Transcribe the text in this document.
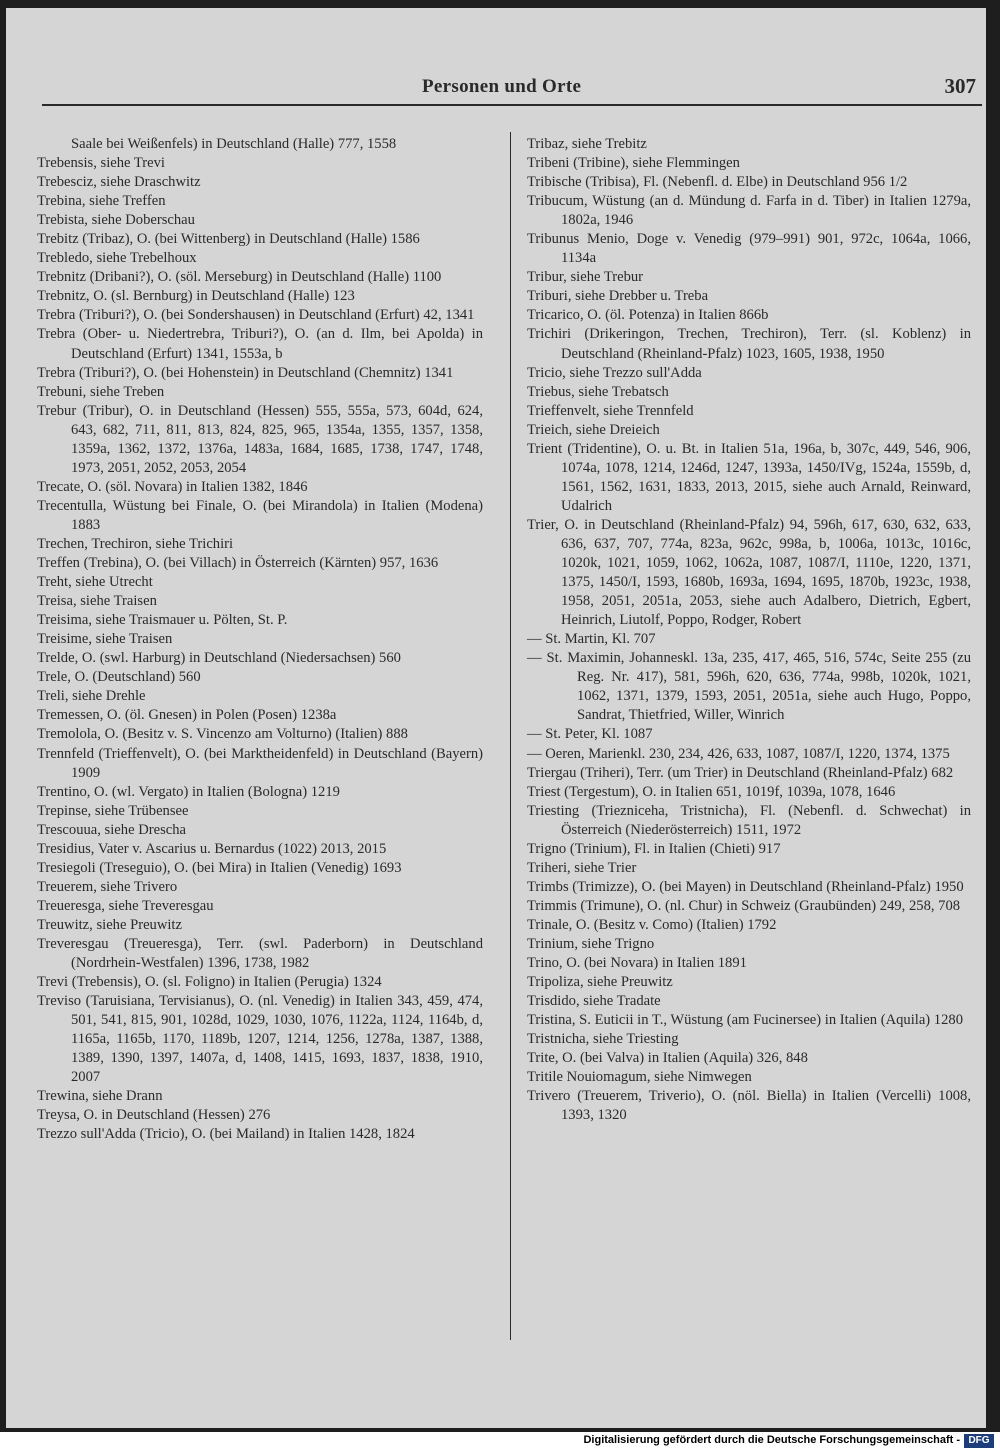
Personen und Orte	307

Saale bei Weißenfels) in Deutschland (Halle) 777, 1558

Trebensis, siehe Trevi

Trebesciz, siehe Draschwitz

Trebina, siehe Treffen

Trebista, siehe Doberschau

Trebitz (Tribaz), O. (bei Wittenberg) in Deutschland (Halle) 1586

Trebledo, siehe Trebelhoux

Trebnitz (Dribani?), O. (söl. Merseburg) in Deutschland (Halle) 1100

Trebnitz, O. (sl. Bernburg) in Deutschland (Halle) 123

Trebra (Triburi?), O. (bei Sondershausen) in Deutschland (Erfurt) 42, 1341

Trebra (Ober- u. Niedertrebra, Triburi?), O. (an d. Ilm, bei Apolda) in Deutschland (Erfurt) 1341, 1553a, b

Trebra (Triburi?), O. (bei Hohenstein) in Deutschland (Chemnitz) 1341

Trebuni, siehe Treben

Trebur (Tribur), O. in Deutschland (Hessen) 555, 555a, 573, 604d, 624, 643, 682, 711, 811, 813, 824, 825, 965, 1354a, 1355, 1357, 1358, 1359a, 1362, 1372, 1376a, 1483a, 1684, 1685, 1738, 1747, 1748, 1973, 2051, 2052, 2053, 2054

Trecate, O. (söl. Novara) in Italien 1382, 1846

Trecentulla, Wüstung bei Finale, O. (bei Mirandola) in Italien (Modena) 1883

Trechen, Trechiron, siehe Trichiri

Treffen (Trebina), O. (bei Villach) in Österreich (Kärnten) 957, 1636

Treht, siehe Utrecht

Treisa, siehe Traisen

Treisima, siehe Traismauer u. Pölten, St. P.

Treisime, siehe Traisen

Trelde, O. (swl. Harburg) in Deutschland (Niedersachsen) 560

Trele, O. (Deutschland) 560

Treli, siehe Drehle

Tremessen, O. (öl. Gnesen) in Polen (Posen) 1238a

Tremolola, O. (Besitz v. S. Vincenzo am Volturno) (Italien) 888

Trennfeld (Trieffenvelt), O. (bei Marktheidenfeld) in Deutschland (Bayern) 1909

Trentino, O. (wl. Vergato) in Italien (Bologna) 1219

Trepinse, siehe Trübensee

Trescouua, siehe Drescha

Tresidius, Vater v. Ascarius u. Bernardus (1022) 2013, 2015

Tresiegoli (Treseguio), O. (bei Mira) in Italien (Venedig) 1693

Treuerem, siehe Trivero

Treueresga, siehe Treveresgau

Treuwitz, siehe Preuwitz

Treveresgau (Treueresga), Terr. (swl. Paderborn) in Deutschland (Nordrhein-Westfalen) 1396, 1738, 1982

Trevi (Trebensis), O. (sl. Foligno) in Italien (Perugia) 1324

Treviso (Taruisiana, Tervisianus), O. (nl. Venedig) in Italien 343, 459, 474, 501, 541, 815, 901, 1028d, 1029, 1030, 1076, 1122a, 1124, 1164b, d, 1165a, 1165b, 1170, 1189b, 1207, 1214, 1256, 1278a, 1387, 1388, 1389, 1390, 1397, 1407a, d, 1408, 1415, 1693, 1837, 1838, 1910, 2007

Trewina, siehe Drann

Treysa, O. in Deutschland (Hessen) 276

Trezzo sull'Adda (Tricio), O. (bei Mailand) in Italien 1428, 1824

Tribaz, siehe Trebitz

Tribeni (Tribine), siehe Flemmingen

Tribische (Tribisa), Fl. (Nebenfl. d. Elbe) in Deutschland 956 1/2

Tribucum, Wüstung (an d. Mündung d. Farfa in d. Tiber) in Italien 1279a, 1802a, 1946

Tribunus Menio, Doge v. Venedig (979–991) 901, 972c, 1064a, 1066, 1134a

Tribur, siehe Trebur

Triburi, siehe Drebber u. Treba

Tricarico, O. (öl. Potenza) in Italien 866b

Trichiri (Drikeringon, Trechen, Trechiron), Terr. (sl. Koblenz) in Deutschland (Rheinland-Pfalz) 1023, 1605, 1938, 1950

Tricio, siehe Trezzo sull'Adda

Triebus, siehe Trebatsch

Trieffenvelt, siehe Trennfeld

Trieich, siehe Dreieich

Trient (Tridentine), O. u. Bt. in Italien 51a, 196a, b, 307c, 449, 546, 906, 1074a, 1078, 1214, 1246d, 1247, 1393a, 1450/IVg, 1524a, 1559b, d, 1561, 1562, 1631, 1833, 2013, 2015, siehe auch Arnald, Reinward, Udalrich

Trier, O. in Deutschland (Rheinland-Pfalz) 94, 596h, 617, 630, 632, 633, 636, 637, 707, 774a, 823a, 962c, 998a, b, 1006a, 1013c, 1016c, 1020k, 1021, 1059, 1062, 1062a, 1087, 1087/I, 1110e, 1220, 1371, 1375, 1450/I, 1593, 1680b, 1693a, 1694, 1695, 1870b, 1923c, 1938, 1958, 2051, 2051a, 2053, siehe auch Adalbero, Dietrich, Egbert, Heinrich, Liutolf, Poppo, Rodger, Robert

— St. Martin, Kl. 707

— St. Maximin, Johanneskl. 13a, 235, 417, 465, 516, 574c, Seite 255 (zu Reg. Nr. 417), 581, 596h, 620, 636, 774a, 998b, 1020k, 1021, 1062, 1371, 1379, 1593, 2051, 2051a, siehe auch Hugo, Poppo, Sandrat, Thietfried, Willer, Winrich

— St. Peter, Kl. 1087

— Oeren, Marienkl. 230, 234, 426, 633, 1087, 1087/I, 1220, 1374, 1375

Triergau (Triheri), Terr. (um Trier) in Deutschland (Rheinland-Pfalz) 682

Triest (Tergestum), O. in Italien 651, 1019f, 1039a, 1078, 1646

Triesting (Triezniceha, Tristnicha), Fl. (Nebenfl. d. Schwechat) in Österreich (Niederösterreich) 1511, 1972

Trigno (Trinium), Fl. in Italien (Chieti) 917

Triheri, siehe Trier

Trimbs (Trimizze), O. (bei Mayen) in Deutschland (Rheinland-Pfalz) 1950

Trimmis (Trimune), O. (nl. Chur) in Schweiz (Graubünden) 249, 258, 708

Trinale, O. (Besitz v. Como) (Italien) 1792

Trinium, siehe Trigno

Trino, O. (bei Novara) in Italien 1891

Tripoliza, siehe Preuwitz

Trisdido, siehe Tradate

Tristina, S. Euticii in T., Wüstung (am Fucinersee) in Italien (Aquila) 1280

Tristnicha, siehe Triesting

Trite, O. (bei Valva) in Italien (Aquila) 326, 848

Tritile Nouiomagum, siehe Nimwegen

Trivero (Treuerem, Triverio), O. (nöl. Biella) in Italien (Vercelli) 1008, 1393, 1320

Digitalisierung gefördert durch die Deutsche Forschungsgemeinschaft - DFG
